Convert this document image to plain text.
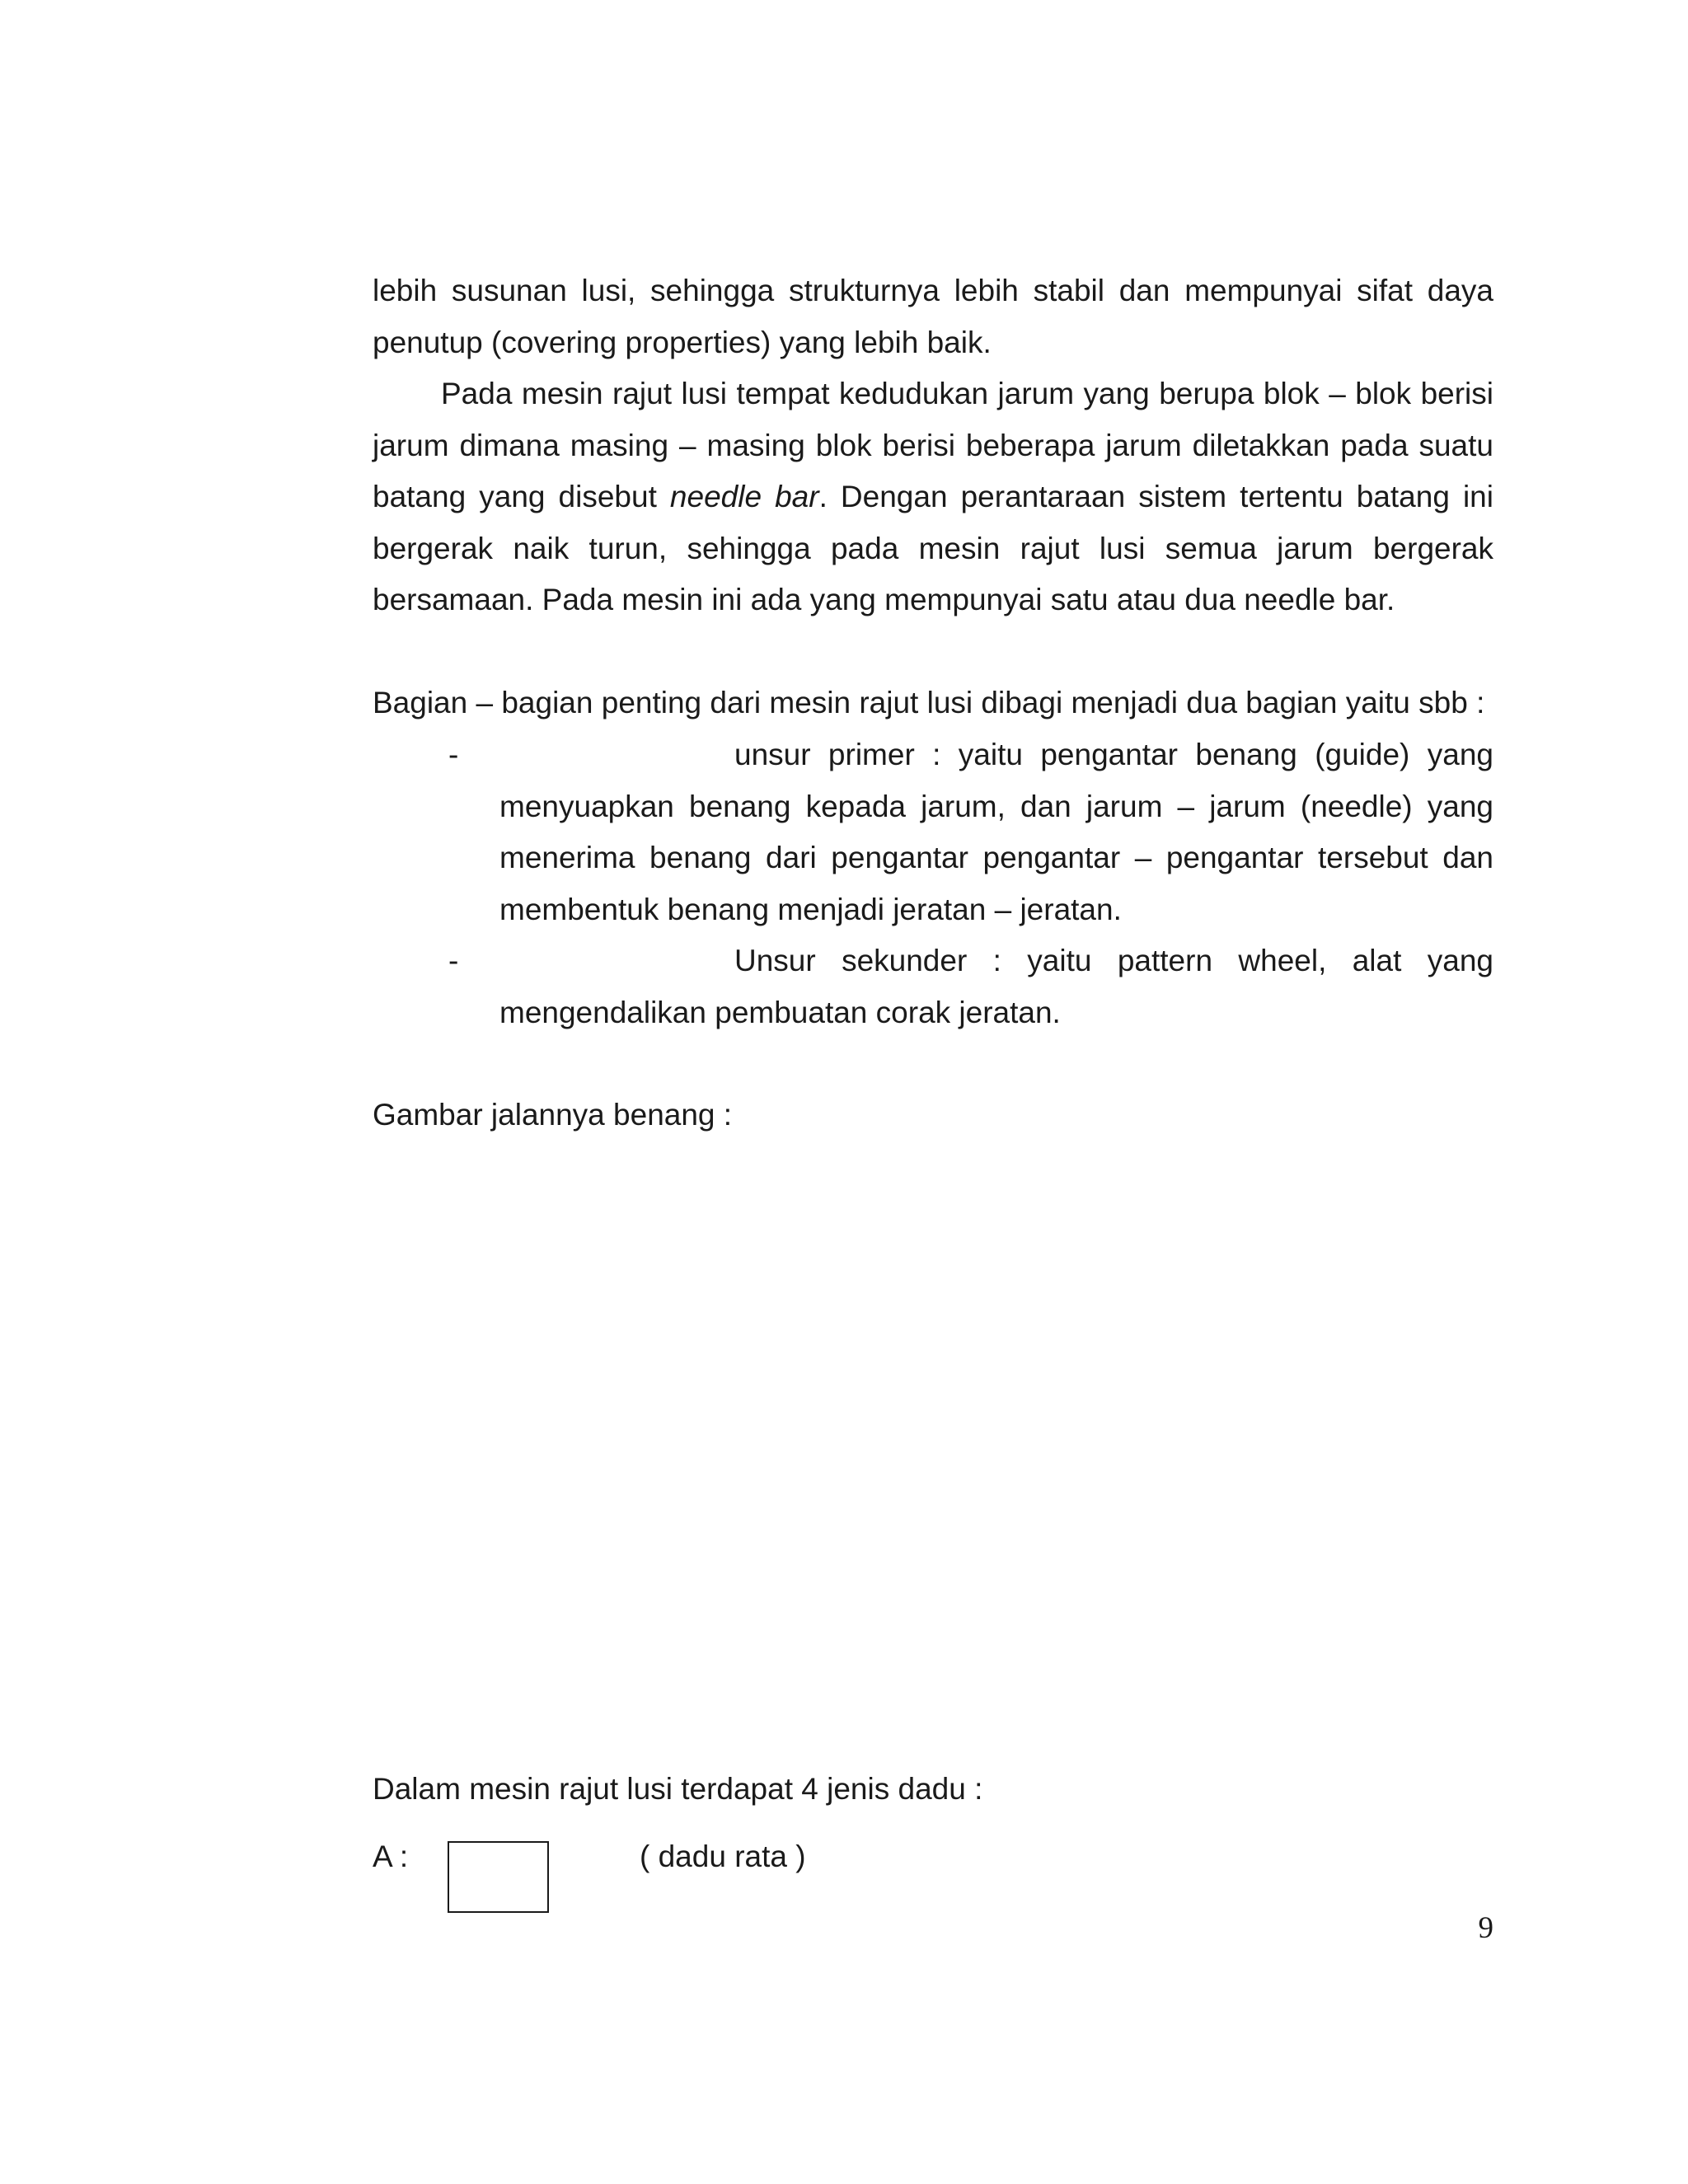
lebih susunan lusi, sehingga strukturnya lebih stabil dan mempunyai sifat daya penutup (covering properties) yang lebih baik.

Pada mesin rajut lusi tempat kedudukan jarum yang berupa blok – blok berisi jarum dimana masing – masing blok berisi beberapa jarum diletakkan pada suatu batang yang disebut needle bar. Dengan perantaraan sistem tertentu batang ini bergerak naik turun, sehingga pada mesin rajut lusi semua jarum bergerak bersamaan. Pada mesin ini ada yang mempunyai satu atau dua needle bar.

Bagian – bagian penting dari mesin rajut lusi dibagi menjadi dua bagian yaitu sbb :

-	unsur primer : yaitu pengantar benang (guide) yang menyuapkan benang kepada jarum, dan jarum – jarum (needle) yang menerima benang dari pengantar pengantar – pengantar tersebut dan membentuk benang menjadi jeratan – jeratan.

-	Unsur sekunder : yaitu pattern wheel, alat yang mengendalikan pembuatan corak jeratan.

Gambar jalannya benang :

Dalam mesin rajut lusi terdapat 4 jenis dadu :

A :	( dadu rata )

9
